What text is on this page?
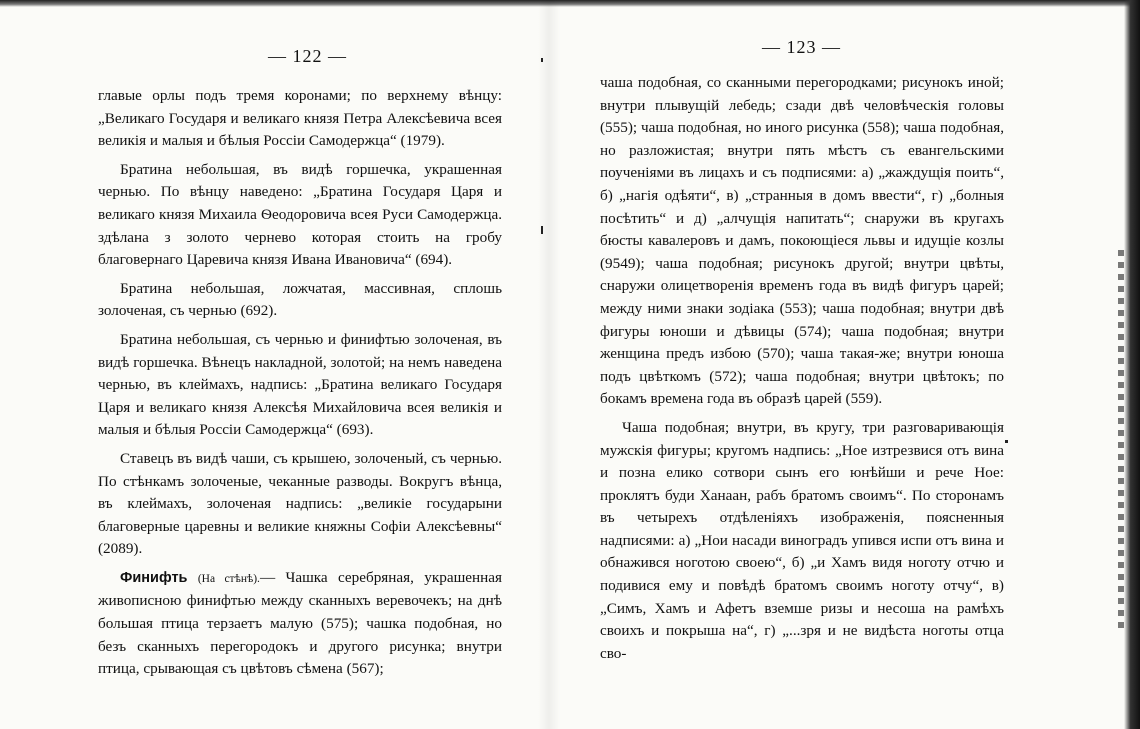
— 122 —

главые орлы подъ тремя коронами; по верхнему вѣнцу: „Великаго Государя и великаго князя Петра Алексѣевича всея великія и малыя и бѣлыя Россіи Самодержца“ (1979).

Братина небольшая, въ видѣ горшечка, украшенная чернью. По вѣнцу наведено: „Братина Государя Царя и великаго князя Михаила Ѳеодоровича всея Руси Самодержца. здѣлана з золото чернево которая стоить на гробу благовернаго Царевича князя Ивана Ивановича“ (694).

Братина небольшая, ложчатая, массивная, сплошь золоченая, съ чернью (692).

Братина небольшая, съ чернью и финифтью золоченая, въ видѣ горшечка. Вѣнецъ накладной, золотой; на немъ наведена чернью, въ клеймахъ, надпись: „Братина великаго Государя Царя и великаго князя Алексѣя Михайловича всея великія и малыя и бѣлыя Россіи Самодержца“ (693).

Ставецъ въ видѣ чаши, съ крышею, золоченый, съ чернью. По стѣнкамъ золоченые, чеканные разводы. Вокругъ вѣнца, въ клеймахъ, золоченая надпись: „великіе государыни благоверные царевны и великие княжны Софіи Алексѣевны“ (2089).

Финифть (На стѣнѣ).— Чашка серебряная, украшенная живописною финифтью между сканныхъ веревочекъ; на днѣ большая птица терзаетъ малую (575); чашка подобная, но безъ сканныхъ перегородокъ и другого рисунка; внутри птица, срывающая съ цвѣтовъ сѣмена (567);

— 123 —

чаша подобная, со сканными перегородками; рисунокъ иной; внутри плывущій лебедь; сзади двѣ человѣческія головы (555); чаша подобная, но иного рисунка (558); чаша подобная, но разложистая; внутри пять мѣстъ съ евангельскими поученіями въ лицахъ и съ подписями: а) „жаждущія поить“, б) „нагія одѣяти“, в) „странныя в домъ ввести“, г) „болныя посѣтить“ и д) „алчущія напитать“; снаружи въ кругахъ бюсты кавалеровъ и дамъ, покоющіеся львы и идущіе козлы (9549); чаша подобная; рисунокъ другой; внутри цвѣты, снаружи олицетворенія временъ года въ видѣ фигуръ царей; между ними знаки зодіака (553); чаша подобная; внутри двѣ фигуры юноши и дѣвицы (574); чаша подобная; внутри женщина предъ избою (570); чаша такая-же; внутри юноша подъ цвѣткомъ (572); чаша подобная; внутри цвѣтокъ; по бокамъ времена года въ образѣ царей (559).

Чаша подобная; внутри, въ кругу, три разговаривающія мужскія фигуры; кругомъ надпись: „Ное изтрезвися отъ вина и позна елико сотвори сынъ его юнѣйши и рече Ное: проклятъ буди Ханаан, рабъ братомъ своимъ“. По сторонамъ въ четырехъ отдѣленіяхъ изображенія, поясненныя надписями: а) „Нои насади виноградъ упився испи отъ вина и обнажився ноготою своею“, б) „и Хамъ видя ноготу отчю и подивися ему и повѣдѣ братомъ своимъ ноготу отчу“, в) „Симъ, Хамъ и Афетъ вземше ризы и несоша на рамѣхъ своихъ и покрыша на“, г) „...зря и не видѣста ноготы отца сво-
